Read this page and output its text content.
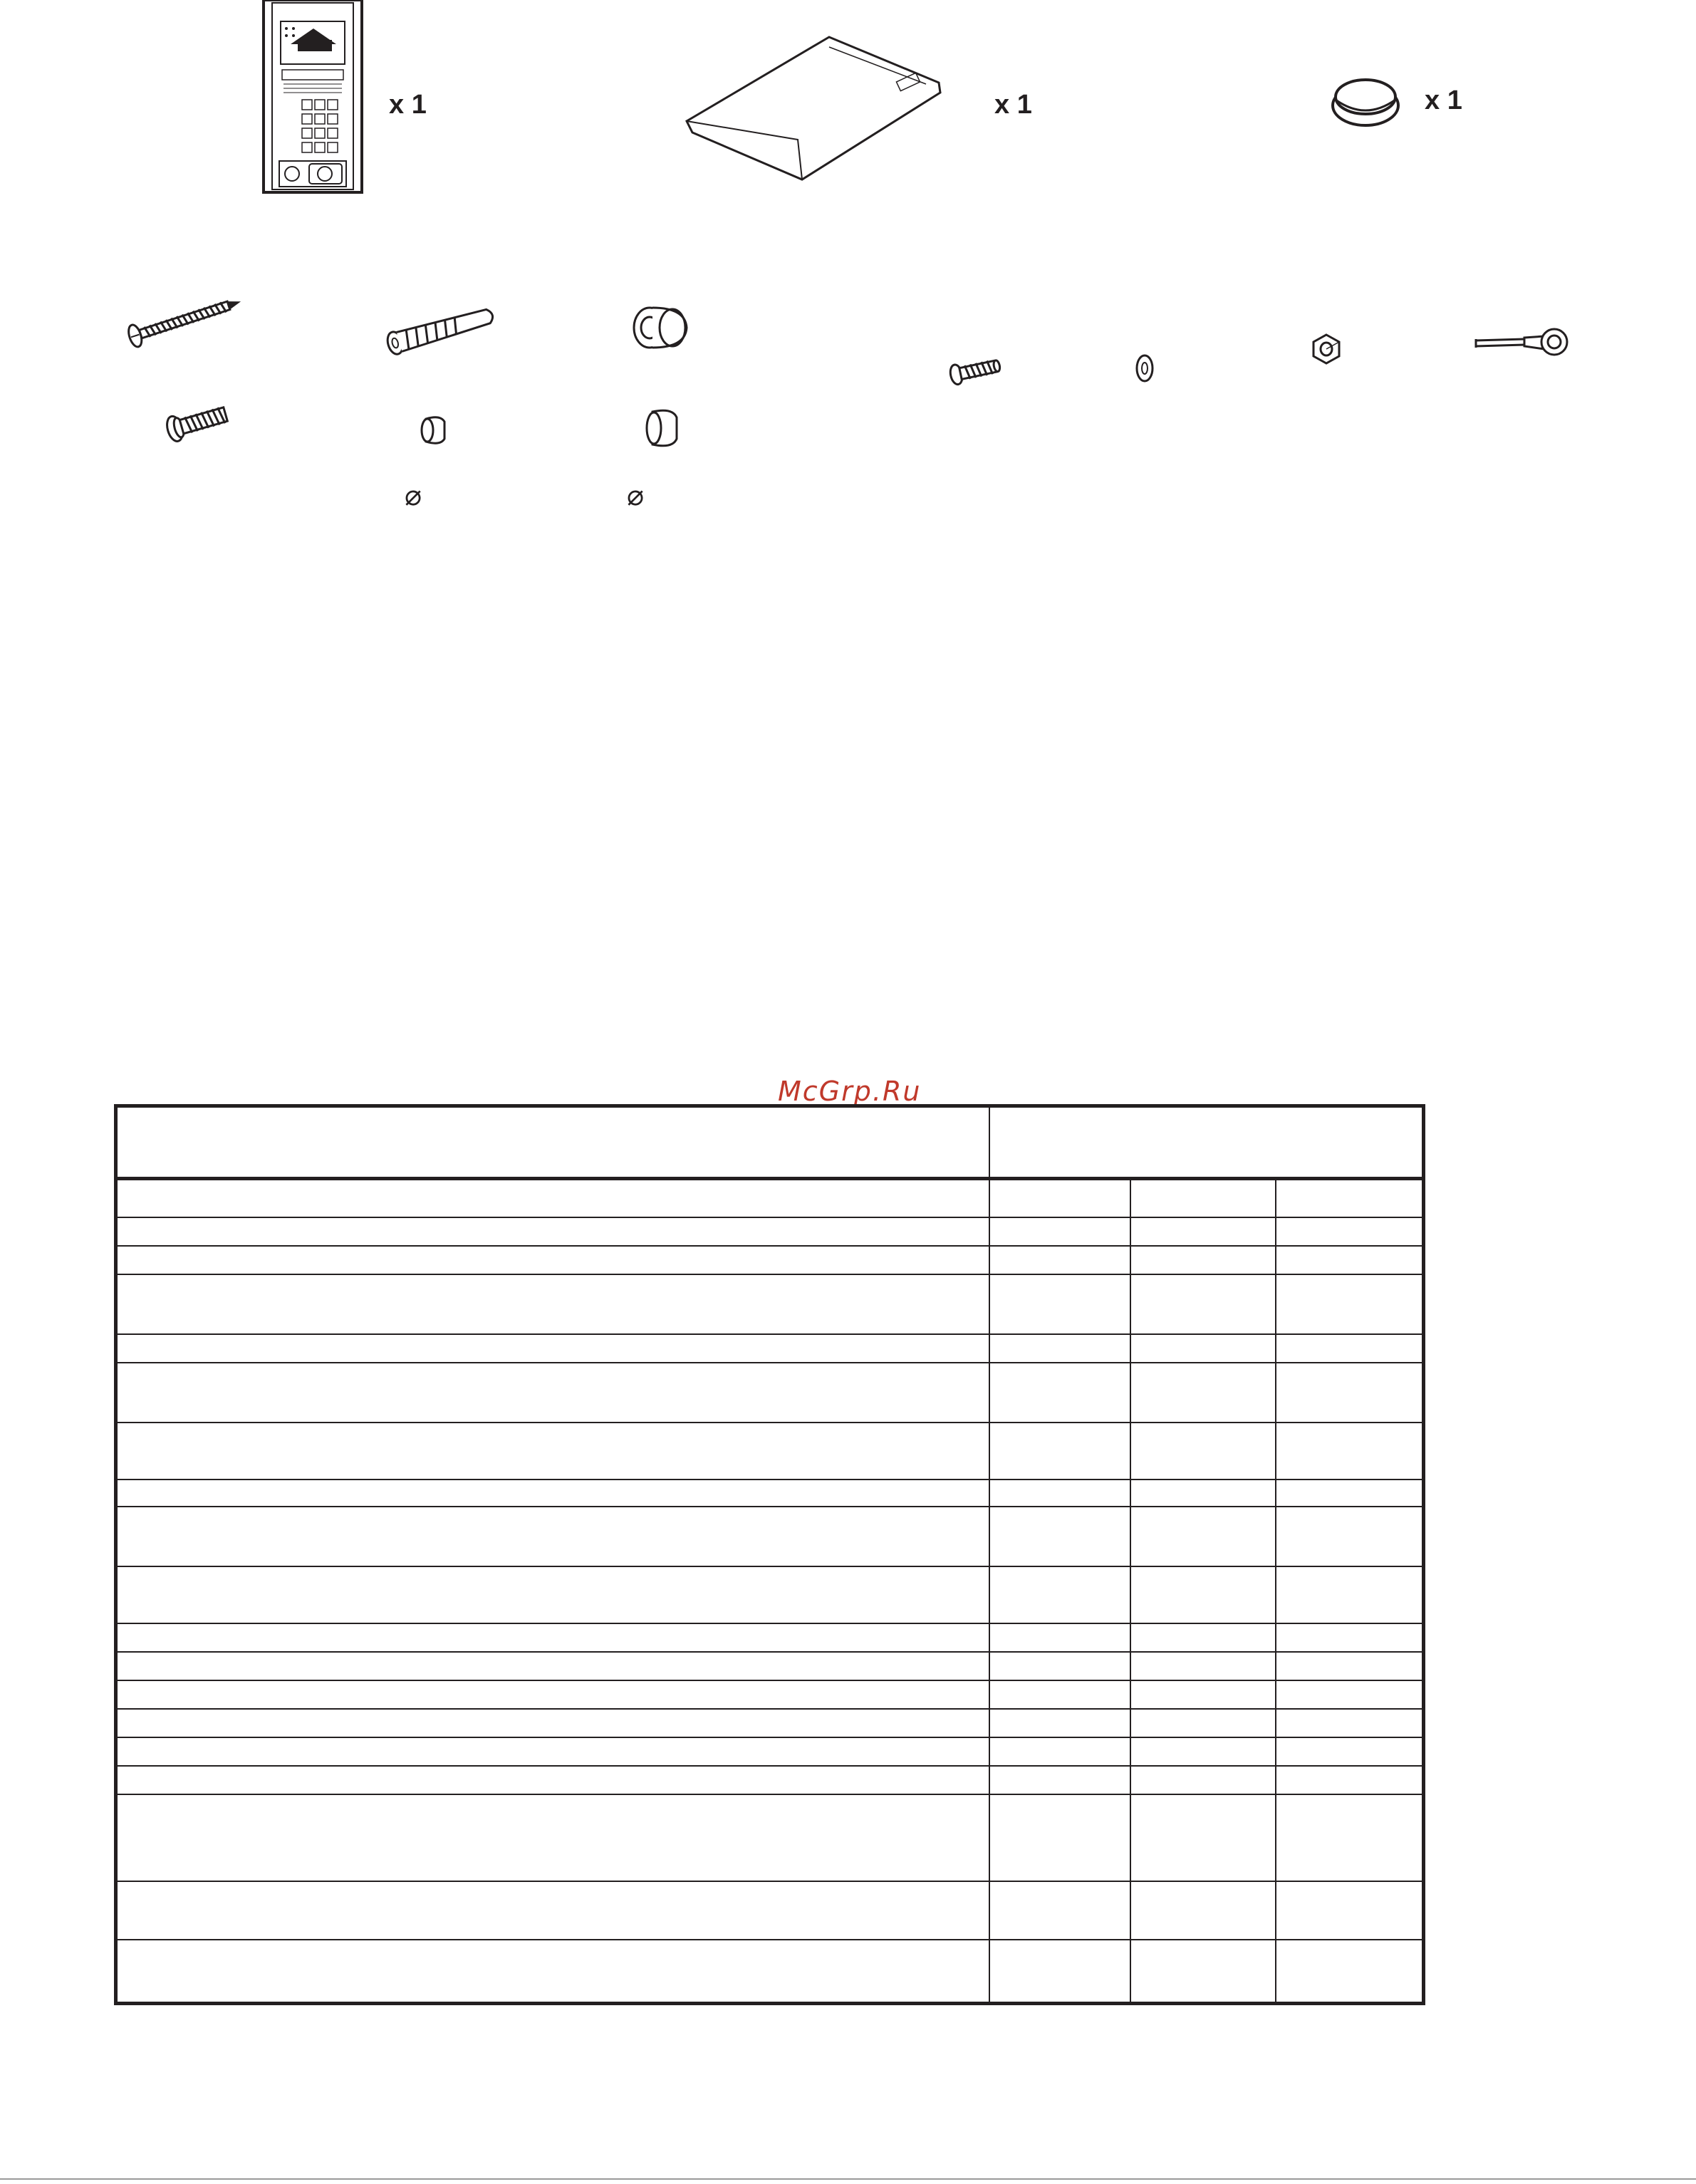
x 1	x 1	x 1
⌀	⌀
McGrp.Ru
